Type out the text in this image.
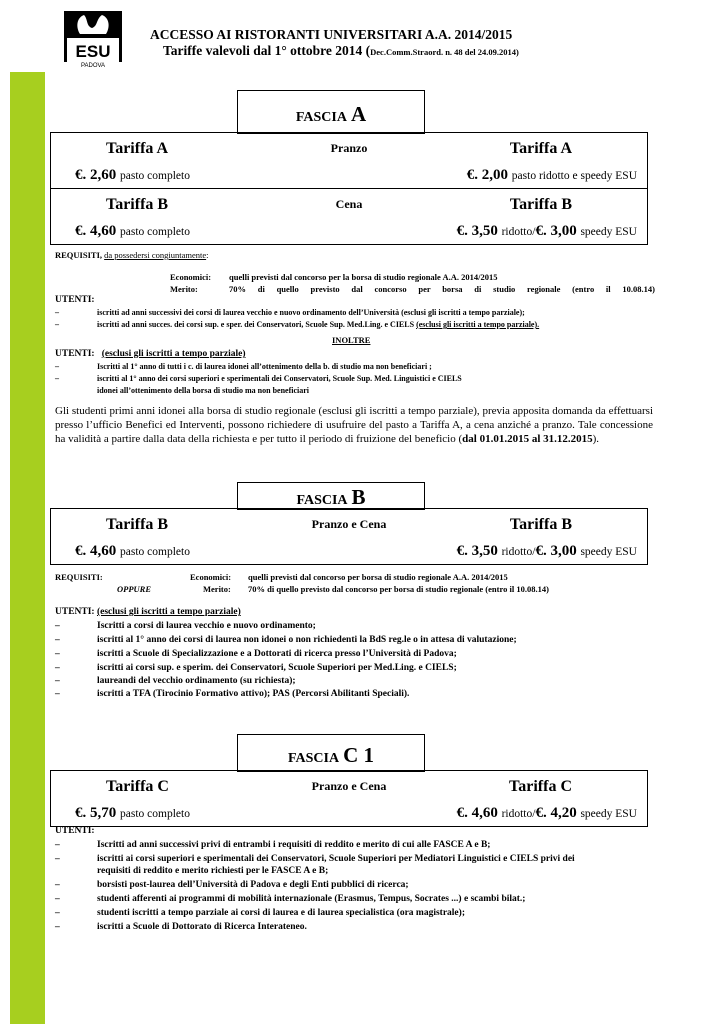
ESU
PADOVA
ACCESSO AI RISTORANTI UNIVERSITARI A.A. 2014/2015
Tariffe valevoli dal 1° ottobre 2014 (Dec.Comm.Straord. n. 48 del 24.09.2014)
FASCIA A
Tariffa A	Pranzo	Tariffa A
€. 2,60 pasto completo	€. 2,00 pasto ridotto e speedy ESU
Tariffa B	Cena	Tariffa B
€. 4,60 pasto completo	€. 3,50 ridotto/€. 3,00 speedy ESU
REQUISITI, da possedersi congiuntamente:
Economici: quelli previsti dal concorso per la borsa di studio regionale A.A. 2014/2015
Merito:	70% di quello previsto dal concorso per borsa di studio regionale (entro il 10.08.14)
UTENTI:
–	iscritti ad anni successivi dei corsi di laurea vecchio e nuovo ordinamento dell’Università (esclusi gli iscritti a tempo parziale);
–	iscritti ad anni succes. dei corsi sup. e sper. dei Conservatori, Scuole Sup. Med.Ling. e CIELS (esclusi gli iscritti a tempo parziale).
INOLTRE
UTENTI: (esclusi gli iscritti a tempo parziale)
–	Iscritti al 1° anno di tutti i c. di laurea idonei all’ottenimento della b. di studio ma non beneficiari ;
–	iscritti al 1° anno dei corsi superiori e sperimentali dei Conservatori, Scuole Sup. Med. Linguistici e CIELS
idonei all’ottenimento della borsa di studio ma non beneficiari
Gli studenti primi anni idonei alla borsa di studio regionale (esclusi gli iscritti a tempo parziale), previa apposita domanda da effettuarsi presso l’ufficio Benefici ed Interventi, possono richiedere di usufruire del pasto a Tariffa A, a cena anziché a pranzo. Tale concessione ha validità a partire dalla data della richiesta e per tutto il periodo di fruizione del beneficio (dal 01.01.2015 al 31.12.2015).
FASCIA B
Tariffa B	Pranzo e Cena	Tariffa B
€. 4,60 pasto completo	€. 3,50 ridotto/€. 3,00 speedy ESU
REQUISITI:	Economici: quelli previsti dal concorso per borsa di studio regionale A.A. 2014/2015
OPPURE	Merito: 70% di quello previsto dal concorso per borsa di studio regionale (entro il 10.08.14)
UTENTI: (esclusi gli iscritti a tempo parziale)
–	Iscritti a corsi di laurea vecchio e nuovo ordinamento;
–	iscritti al 1° anno dei corsi di laurea non idonei o non richiedenti la BdS reg.le o in attesa di valutazione;
–	iscritti a Scuole di Specializzazione e a Dottorati di ricerca presso l’Università di Padova;
–	iscritti ai corsi sup. e sperim. dei Conservatori, Scuole Superiori per Med.Ling. e CIELS;
–	laureandi del vecchio ordinamento (su richiesta);
–	iscritti a TFA (Tirocinio Formativo attivo); PAS (Percorsi Abilitanti Speciali).
FASCIA C 1
Tariffa C	Pranzo e Cena	Tariffa C
€. 5,70 pasto completo	€. 4,60 ridotto/€. 4,20 speedy ESU
UTENTI:
–	Iscritti ad anni successivi privi di entrambi i requisiti di reddito e merito di cui alle FASCE A e B;
–	iscritti ai corsi superiori e sperimentali dei Conservatori, Scuole Superiori per Mediatori Linguistici e CIELS privi dei
requisiti di reddito e merito richiesti per le FASCE A e B;
–	borsisti post-laurea dell’Università di Padova e degli Enti pubblici di ricerca;
–	studenti afferenti ai programmi di mobilità internazionale (Erasmus, Tempus, Socrates ...) e scambi bilat.;
–	studenti iscritti a tempo parziale ai corsi di laurea e di laurea specialistica (ora magistrale);
–	iscritti a Scuole di Dottorato di Ricerca Interateneo.
